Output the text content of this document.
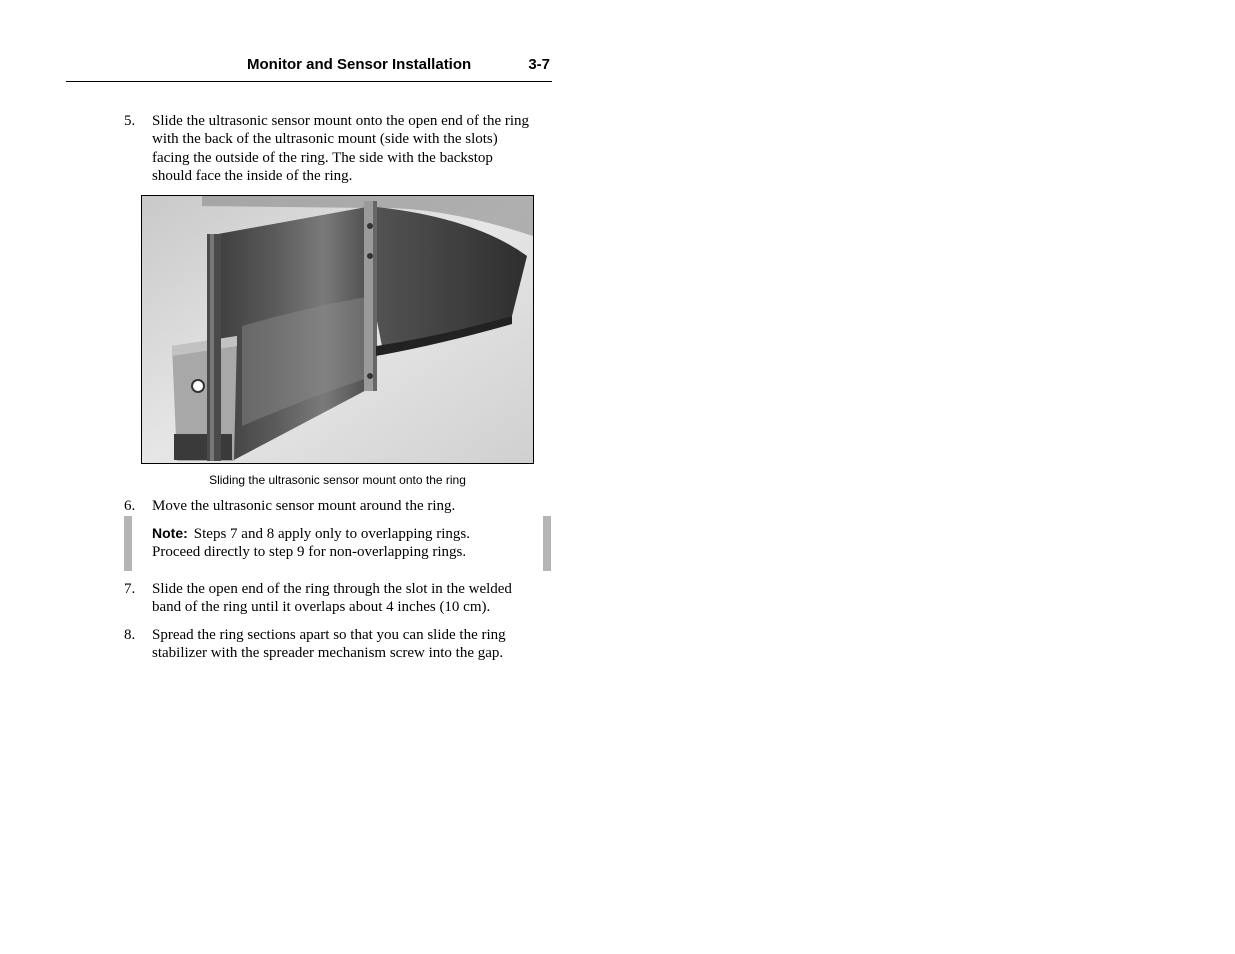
Monitor and Sensor Installation	3-7
5. Slide the ultrasonic sensor mount onto the open end of the ring
with the back of the ultrasonic mount (side with the slots)
facing the outside of the ring. The side with the backstop
should face the inside of the ring.
Sliding the ultrasonic sensor mount onto the ring
6. Move the ultrasonic sensor mount around the ring.
Note: Steps 7 and 8 apply only to overlapping rings.
Proceed directly to step 9 for non-overlapping rings.
7. Slide the open end of the ring through the slot in the welded
band of the ring until it overlaps about 4 inches (10 cm).
8. Spread the ring sections apart so that you can slide the ring
stabilizer with the spreader mechanism screw into the gap.
